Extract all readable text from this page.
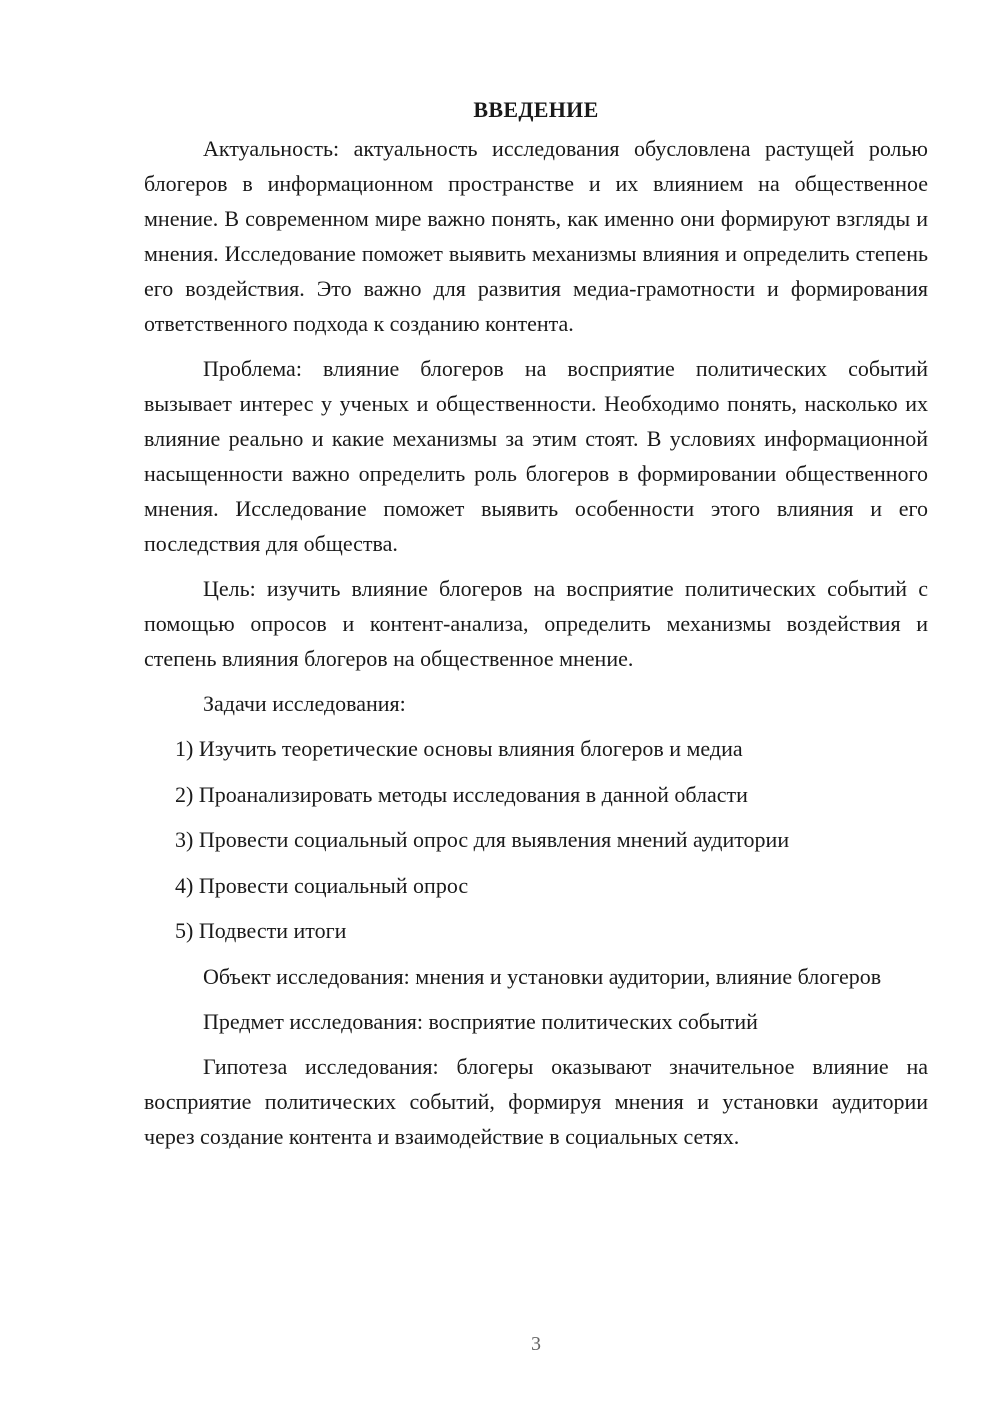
ВВЕДЕНИЕ

Актуальность: актуальность исследования обусловлена растущей ролью блогеров в информационном пространстве и их влиянием на общественное мнение. В современном мире важно понять, как именно они формируют взгляды и мнения. Исследование поможет выявить механизмы влияния и определить степень его воздействия. Это важно для развития медиа-грамотности и формирования ответственного подхода к созданию контента.

Проблема: влияние блогеров на восприятие политических событий вызывает интерес у ученых и общественности. Необходимо понять, насколько их влияние реально и какие механизмы за этим стоят. В условиях информационной насыщенности важно определить роль блогеров в формировании общественного мнения. Исследование поможет выявить особенности этого влияния и его последствия для общества.

Цель: изучить влияние блогеров на восприятие политических событий с помощью опросов и контент-анализа, определить механизмы воздействия и степень влияния блогеров на общественное мнение.

Задачи исследования:

1) Изучить теоретические основы влияния блогеров и медиа
2) Проанализировать методы исследования в данной области
3) Провести социальный опрос для выявления мнений аудитории
4) Провести социальный опрос
5) Подвести итоги

Объект исследования: мнения и установки аудитории, влияние блогеров

Предмет исследования: восприятие политических событий

Гипотеза исследования: блогеры оказывают значительное влияние на восприятие политических событий, формируя мнения и установки аудитории через создание контента и взаимодействие в социальных сетях.

3
